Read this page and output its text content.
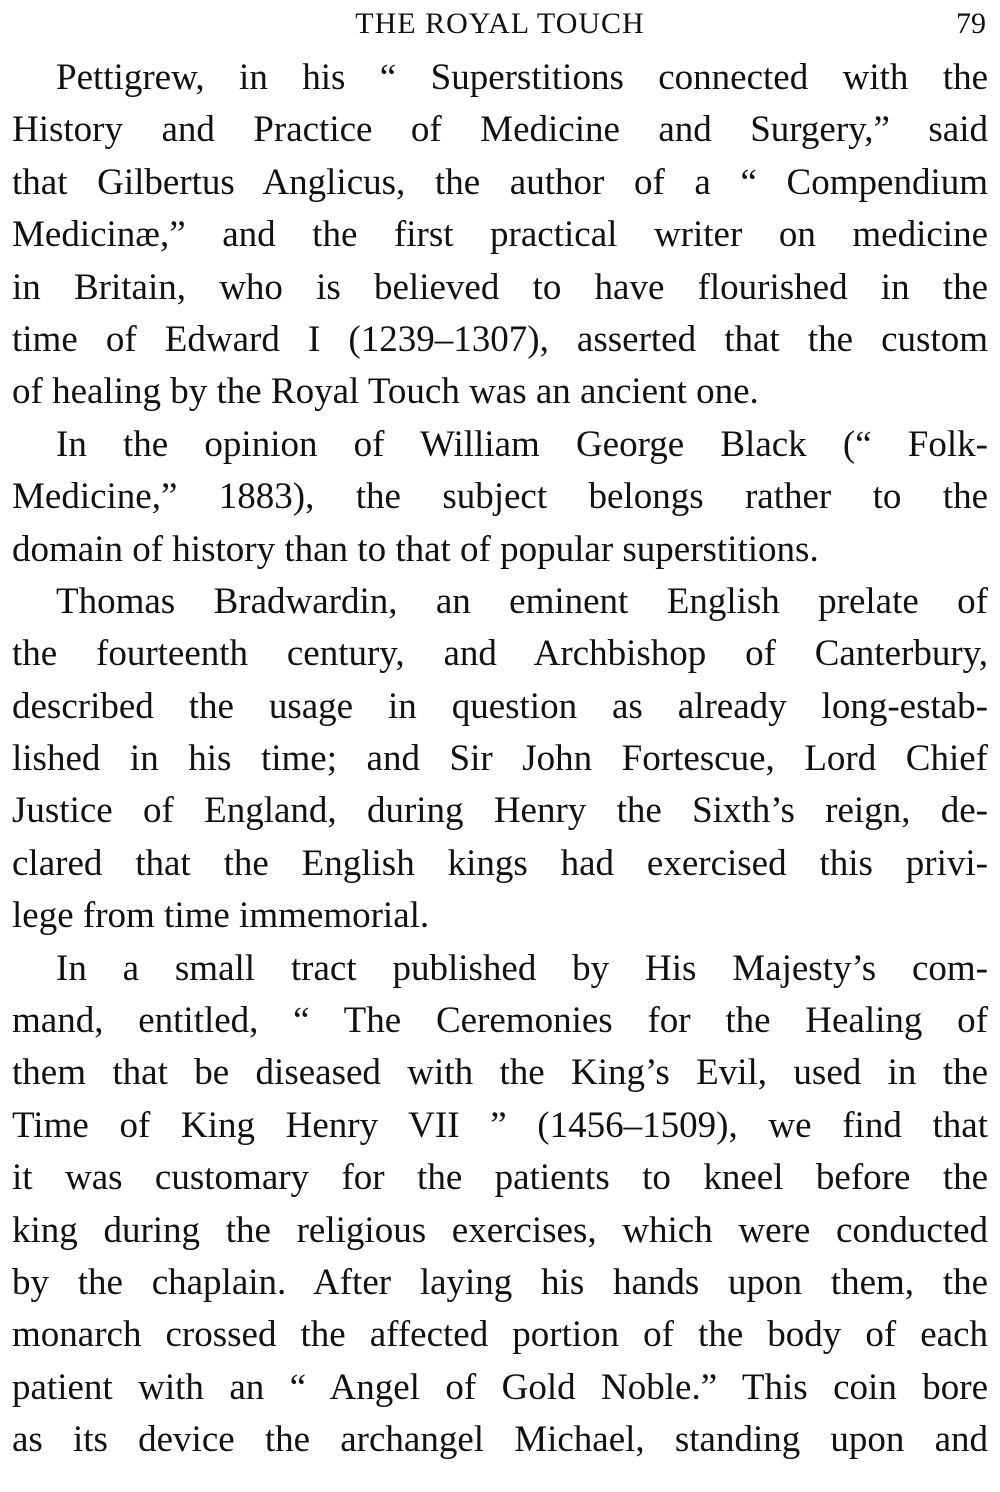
THE ROYAL TOUCH	79
Pettigrew, in his “ Superstitions connected with the
History and Practice of Medicine and Surgery,” said
that Gilbertus Anglicus, the author of a “ Compendium
Medicinæ,” and the first practical writer on medicine
in Britain, who is believed to have flourished in the
time of Edward I (1239–1307), asserted that the custom
of healing by the Royal Touch was an ancient one.
In the opinion of William George Black (“ Folk-
Medicine,” 1883), the subject belongs rather to the
domain of history than to that of popular superstitions.
Thomas Bradwardin, an eminent English prelate of
the fourteenth century, and Archbishop of Canterbury,
described the usage in question as already long-estab-
lished in his time; and Sir John Fortescue, Lord Chief
Justice of England, during Henry the Sixth’s reign, de-
clared that the English kings had exercised this privi-
lege from time immemorial.
In a small tract published by His Majesty’s com-
mand, entitled, “ The Ceremonies for the Healing of
them that be diseased with the King’s Evil, used in the
Time of King Henry VII ” (1456–1509), we find that
it was customary for the patients to kneel before the
king during the religious exercises, which were conducted
by the chaplain. After laying his hands upon them, the
monarch crossed the affected portion of the body of each
patient with an “ Angel of Gold Noble.” This coin bore
as its device the archangel Michael, standing upon and
